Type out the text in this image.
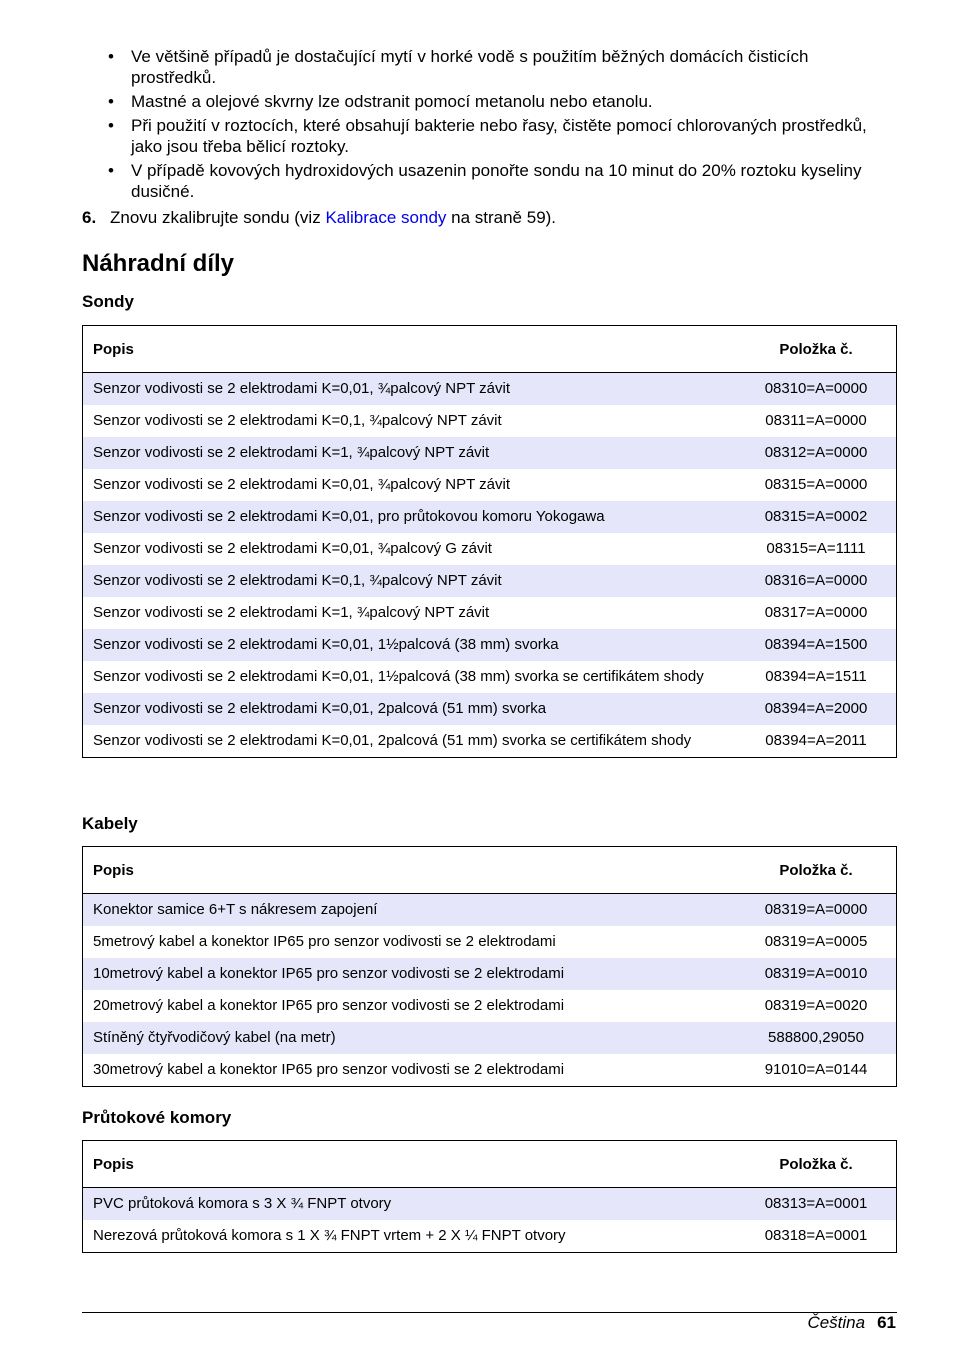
• Ve většině případů je dostačující mytí v horké vodě s použitím běžných domácích čisticích prostředků.
• Mastné a olejové skvrny lze odstranit pomocí metanolu nebo etanolu.
• Při použití v roztocích, které obsahují bakterie nebo řasy, čistěte pomocí chlorovaných prostředků, jako jsou třeba bělicí roztoky.
• V případě kovových hydroxidových usazenin ponořte sondu na 10 minut do 20% roztoku kyseliny dusičné.
6. Znovu zkalibrujte sondu (viz Kalibrace sondy na straně 59).
Náhradní díly
Sondy
Popis	Položka č.
Senzor vodivosti se 2 elektrodami K=0,01, ¾palcový NPT závit	08310=A=0000
Senzor vodivosti se 2 elektrodami K=0,1, ¾palcový NPT závit	08311=A=0000
Senzor vodivosti se 2 elektrodami K=1, ¾palcový NPT závit	08312=A=0000
Senzor vodivosti se 2 elektrodami K=0,01, ¾palcový NPT závit	08315=A=0000
Senzor vodivosti se 2 elektrodami K=0,01, pro průtokovou komoru Yokogawa	08315=A=0002
Senzor vodivosti se 2 elektrodami K=0,01, ¾palcový G závit	08315=A=1111
Senzor vodivosti se 2 elektrodami K=0,1, ¾palcový NPT závit	08316=A=0000
Senzor vodivosti se 2 elektrodami K=1, ¾palcový NPT závit	08317=A=0000
Senzor vodivosti se 2 elektrodami K=0,01, 1½palcová (38 mm) svorka	08394=A=1500
Senzor vodivosti se 2 elektrodami K=0,01, 1½palcová (38 mm) svorka se certifikátem shody	08394=A=1511
Senzor vodivosti se 2 elektrodami K=0,01, 2palcová (51 mm) svorka	08394=A=2000
Senzor vodivosti se 2 elektrodami K=0,01, 2palcová (51 mm) svorka se certifikátem shody	08394=A=2011
Kabely
Popis	Položka č.
Konektor samice 6+T s nákresem zapojení	08319=A=0000
5metrový kabel a konektor IP65 pro senzor vodivosti se 2 elektrodami	08319=A=0005
10metrový kabel a konektor IP65 pro senzor vodivosti se 2 elektrodami	08319=A=0010
20metrový kabel a konektor IP65 pro senzor vodivosti se 2 elektrodami	08319=A=0020
Stíněný čtyřvodičový kabel (na metr)	588800,29050
30metrový kabel a konektor IP65 pro senzor vodivosti se 2 elektrodami	91010=A=0144
Průtokové komory
Popis	Položka č.
PVC průtoková komora s 3 X ¾ FNPT otvory	08313=A=0001
Nerezová průtoková komora s 1 X ¾ FNPT vrtem + 2 X ¼ FNPT otvory	08318=A=0001
Čeština 61
